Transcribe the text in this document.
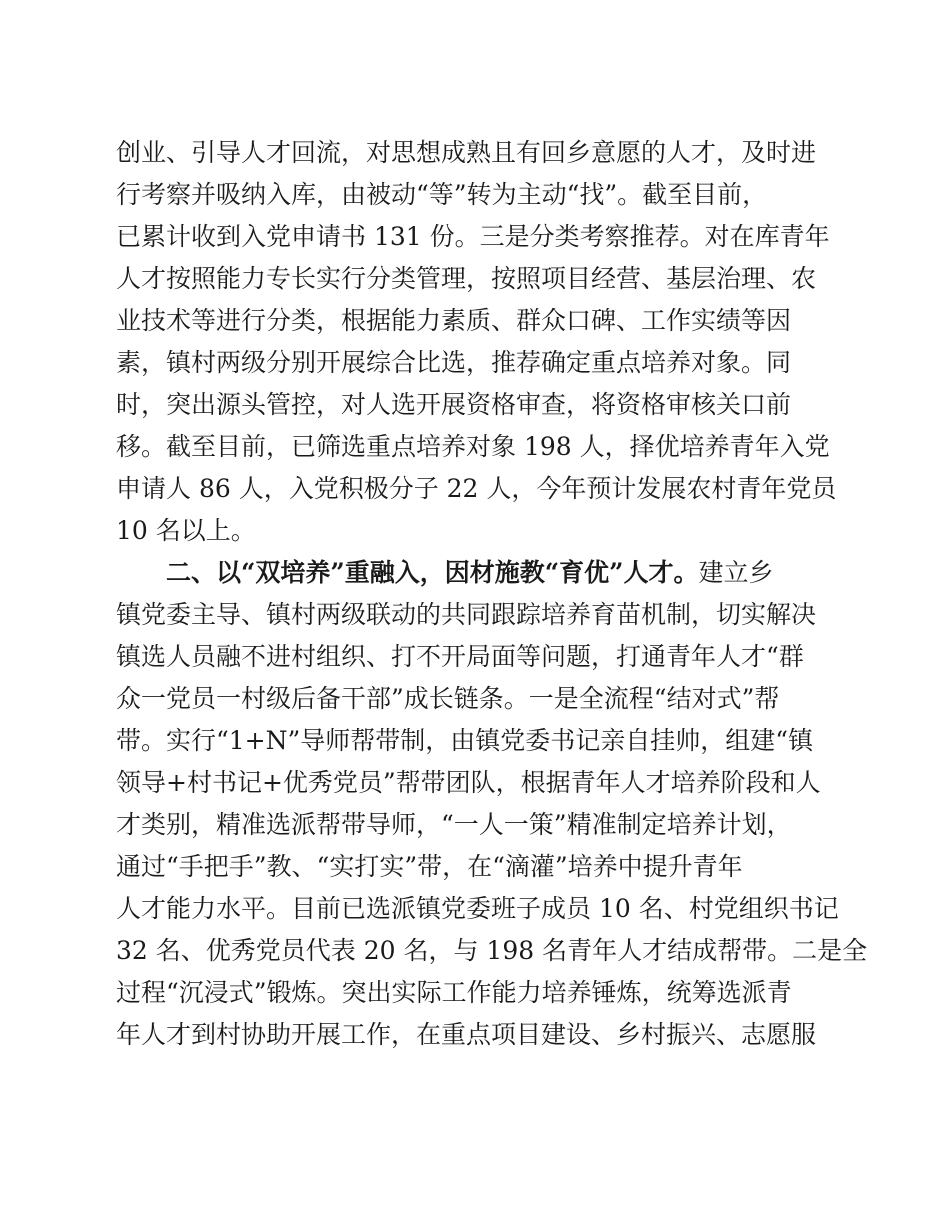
创业、引导人才回流，对思想成熟且有回乡意愿的人才，及时进
行考察并吸纳入库，由被动“等”转为主动“找”。截至目前，
已累计收到入党申请书 131 份。三是分类考察推荐。对在库青年
人才按照能力专长实行分类管理，按照项目经营、基层治理、农
业技术等进行分类，根据能力素质、群众口碑、工作实绩等因
素，镇村两级分别开展综合比选，推荐确定重点培养对象。同
时，突出源头管控，对人选开展资格审查，将资格审核关口前
移。截至目前，已筛选重点培养对象 198 人，择优培养青年入党
申请人 86 人，入党积极分子 22 人，今年预计发展农村青年党员
10 名以上。
二、以“双培养”重融入，因材施教“育优”人才。建立乡
镇党委主导、镇村两级联动的共同跟踪培养育苗机制，切实解决
镇选人员融不进村组织、打不开局面等问题，打通青年人才“群
众一党员一村级后备干部”成长链条。一是全流程“结对式”帮
带。实行“1+N”导师帮带制，由镇党委书记亲自挂帅，组建“镇
领导+村书记+优秀党员”帮带团队，根据青年人才培养阶段和人
才类别，精准选派帮带导师，“一人一策”精准制定培养计划，
通过“手把手”教、“实打实”带，在“滴灌”培养中提升青年
人才能力水平。目前已选派镇党委班子成员 10 名、村党组织书记
32 名、优秀党员代表 20 名，与 198 名青年人才结成帮带。二是全
过程“沉浸式”锻炼。突出实际工作能力培养锤炼，统筹选派青
年人才到村协助开展工作，在重点项目建设、乡村振兴、志愿服
